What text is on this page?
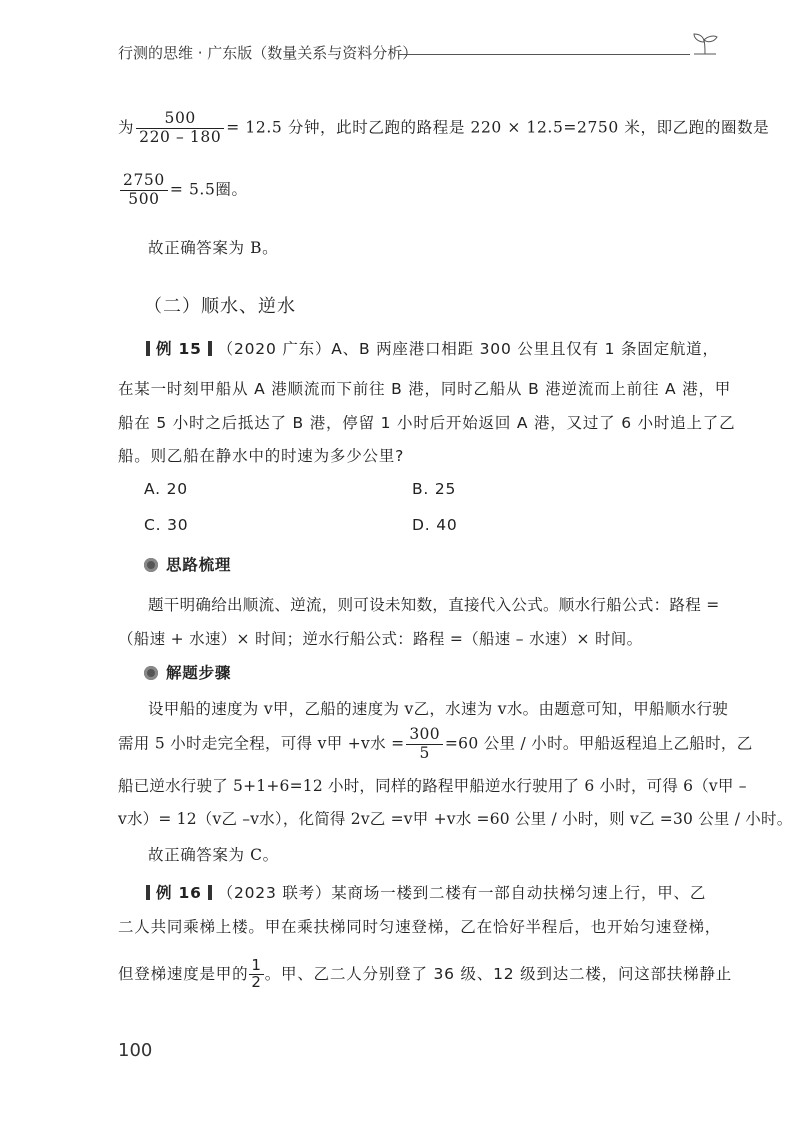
行测的思维 · 广东版（数量关系与资料分析）
为 $\frac{500}{220 - 180} = 12.5$ 分钟，此时乙跑的路程是 220 × 12.5=2750 米，即乙跑的圈数是
$\frac{2750}{500} = 5.5$圈。
故正确答案为 B。
（二）顺水、逆水
例 15 （2020 广东）A、B 两座港口相距 300 公里且仅有 1 条固定航道，
在某一时刻甲船从 A 港顺流而下前往 B 港，同时乙船从 B 港逆流而上前往 A 港，甲
船在 5 小时之后抵达了 B 港，停留 1 小时后开始返回 A 港，又过了 6 小时追上了乙
船。则乙船在静水中的时速为多少公里?
A. 20	B. 25
C. 30	D. 40
思路梳理
题干明确给出顺流、逆流，则可设未知数，直接代入公式。顺水行船公式：路程 =
（船速 + 水速）× 时间；逆水行船公式：路程 =（船速 – 水速）× 时间。
解题步骤
设甲船的速度为 v甲，乙船的速度为 v乙，水速为 v水。由题意可知，甲船顺水行驶
需用 5 小时走完全程，可得 v甲 +v水 = $\frac{300}{5} =60$ 公里 / 小时。甲船返程追上乙船时，乙
船已逆水行驶了 5+1+6=12 小时，同样的路程甲船逆水行驶用了 6 小时，可得 6（v甲 –
v水）= 12（v乙 –v水），化简得 2v乙 =v甲 +v水 =60 公里 / 小时，则 v乙 =30 公里 / 小时。
故正确答案为 C。
例 16 （2023 联考）某商场一楼到二楼有一部自动扶梯匀速上行，甲、乙
二人共同乘梯上楼。甲在乘扶梯同时匀速登梯，乙在恰好半程后，也开始匀速登梯，
但登梯速度是甲的 $\frac{1}{2}$ 。甲、乙二人分别登了 36 级、12 级到达二楼，问这部扶梯静止
100
